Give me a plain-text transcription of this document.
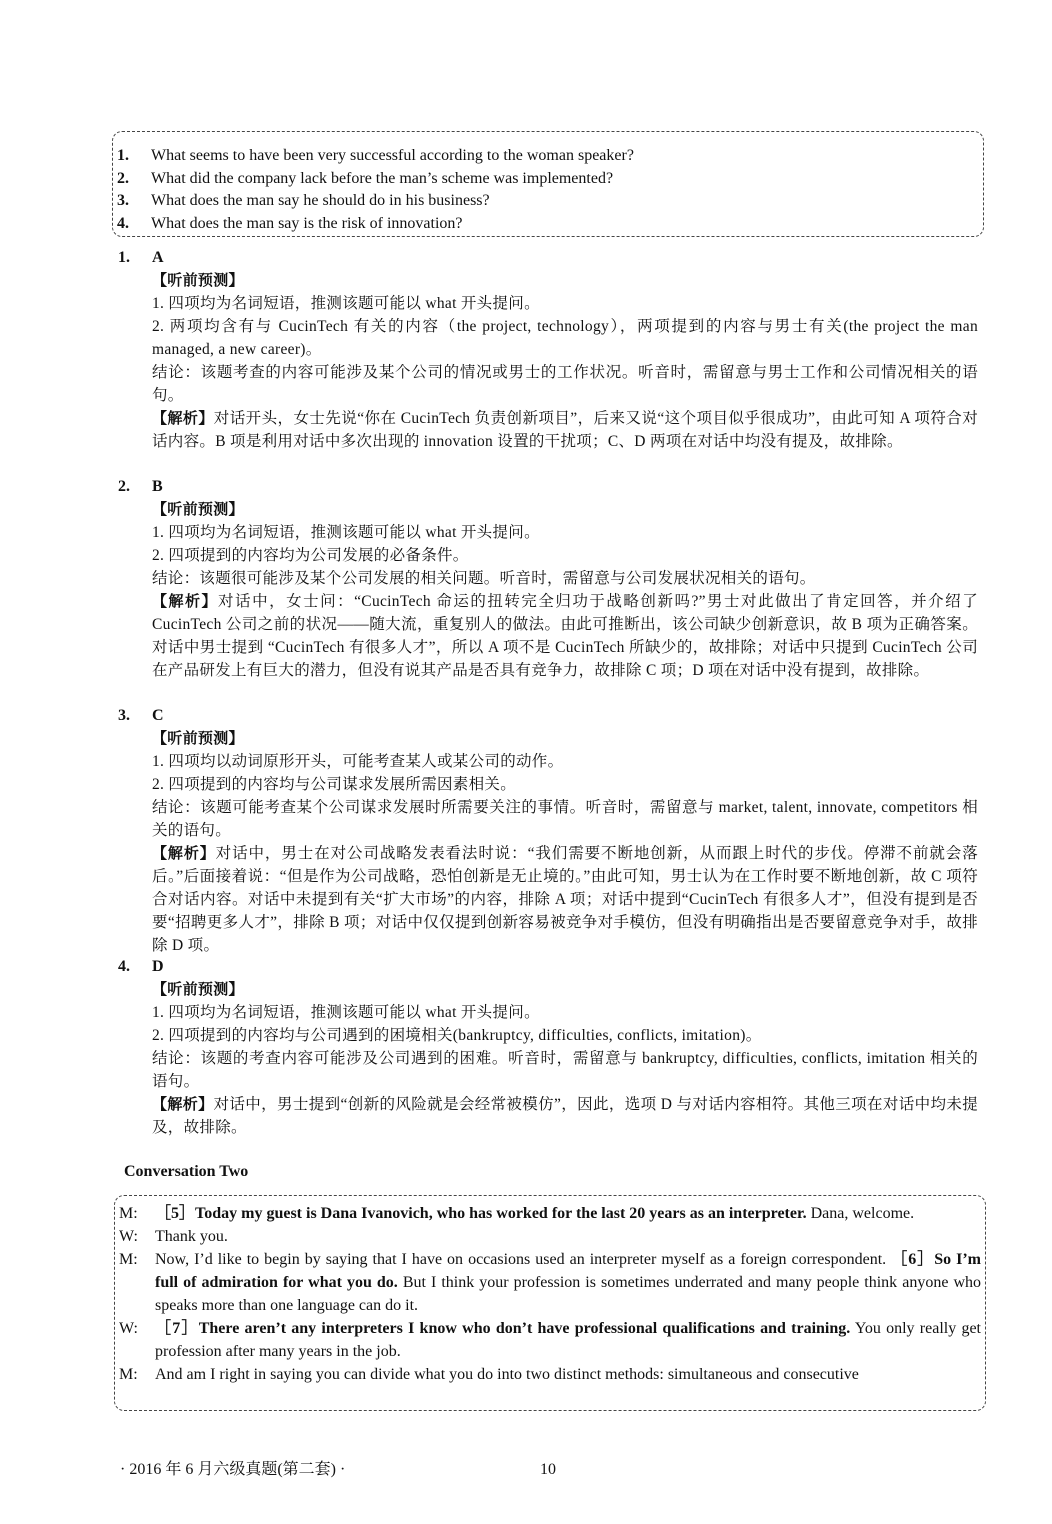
1.	What seems to have been very successful according to the woman speaker?
2.	What did the company lack before the man’s scheme was implemented?
3.	What does the man say he should do in his business?
4.	What does the man say is the risk of innovation?
1.	A
【听前预测】
1. 四项均为名词短语，推测该题可能以 what 开头提问。
2. 两项均含有与 CucinTech 有关的内容（the project, technology），两项提到的内容与男士有关(the project the man managed, a new career)。
结论：该题考查的内容可能涉及某个公司的情况或男士的工作状况。听音时，需留意与男士工作和公司情况相关的语句。
【解析】对话开头，女士先说“你在 CucinTech 负责创新项目”，后来又说“这个项目似乎很成功”，由此可知 A 项符合对话内容。B 项是利用对话中多次出现的 innovation 设置的干扰项；C、D 两项在对话中均没有提及，故排除。
2.	B
【听前预测】
1. 四项均为名词短语，推测该题可能以 what 开头提问。
2. 四项提到的内容均为公司发展的必备条件。
结论：该题很可能涉及某个公司发展的相关问题。听音时，需留意与公司发展状况相关的语句。
【解析】对话中，女士问：“CucinTech 命运的扭转完全归功于战略创新吗?”男士对此做出了肯定回答，并介绍了 CucinTech 公司之前的状况——随大流，重复别人的做法。由此可推断出，该公司缺少创新意识，故 B 项为正确答案。对话中男士提到 “CucinTech 有很多人才”，所以 A 项不是 CucinTech 所缺少的，故排除；对话中只提到 CucinTech 公司在产品研发上有巨大的潜力，但没有说其产品是否具有竞争力，故排除 C 项；D 项在对话中没有提到，故排除。
3.	C
【听前预测】
1. 四项均以动词原形开头，可能考查某人或某公司的动作。
2. 四项提到的内容均与公司谋求发展所需因素相关。
结论：该题可能考查某个公司谋求发展时所需要关注的事情。听音时，需留意与 market, talent, innovate, competitors 相关的语句。
【解析】对话中，男士在对公司战略发表看法时说：“我们需要不断地创新，从而跟上时代的步伐。停滞不前就会落后。”后面接着说：“但是作为公司战略，恐怕创新是无止境的。”由此可知，男士认为在工作时要不断地创新，故 C 项符合对话内容。对话中未提到有关“扩大市场”的内容，排除 A 项；对话中提到“CucinTech 有很多人才”，但没有提到是否要“招聘更多人才”，排除 B 项；对话中仅仅提到创新容易被竞争对手模仿，但没有明确指出是否要留意竞争对手，故排除 D 项。
4.	D
【听前预测】
1. 四项均为名词短语，推测该题可能以 what 开头提问。
2. 四项提到的内容均与公司遇到的困境相关(bankruptcy, difficulties, conflicts, imitation)。
结论：该题的考查内容可能涉及公司遇到的困难。听音时，需留意与 bankruptcy, difficulties, conflicts, imitation 相关的语句。
【解析】对话中，男士提到“创新的风险就是会经常被模仿”，因此，选项 D 与对话内容相符。其他三项在对话中均未提及，故排除。
Conversation Two
M:	［5］Today my guest is Dana Ivanovich, who has worked for the last 20 years as an interpreter. Dana, welcome.
W:	Thank you.
M:	Now, I’d like to begin by saying that I have on occasions used an interpreter myself as a foreign correspondent. ［6］So I’m full of admiration for what you do. But I think your profession is sometimes underrated and many people think anyone who speaks more than one language can do it.
W:	［7］There aren’t any interpreters I know who don’t have professional qualifications and training. You only really get profession after many years in the job.
M:	And am I right in saying you can divide what you do into two distinct methods: simultaneous and consecutive
· 2016 年 6 月六级真题(第二套) ·	10
